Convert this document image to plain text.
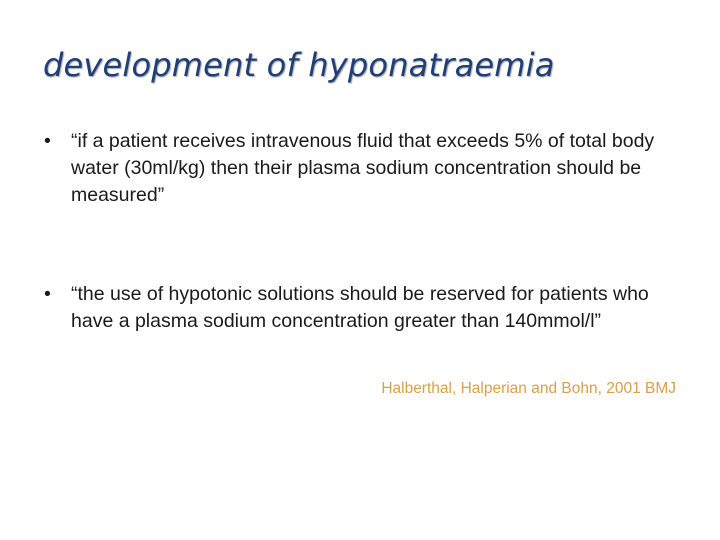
development of hyponatraemia
• “if a patient receives intravenous fluid that exceeds 5% of total body water (30ml/kg) then their plasma sodium concentration should be measured”
• “the use of hypotonic solutions should be reserved for patients who have a plasma sodium concentration greater than 140mmol/l”
Halberthal, Halperian and Bohn, 2001 BMJ
